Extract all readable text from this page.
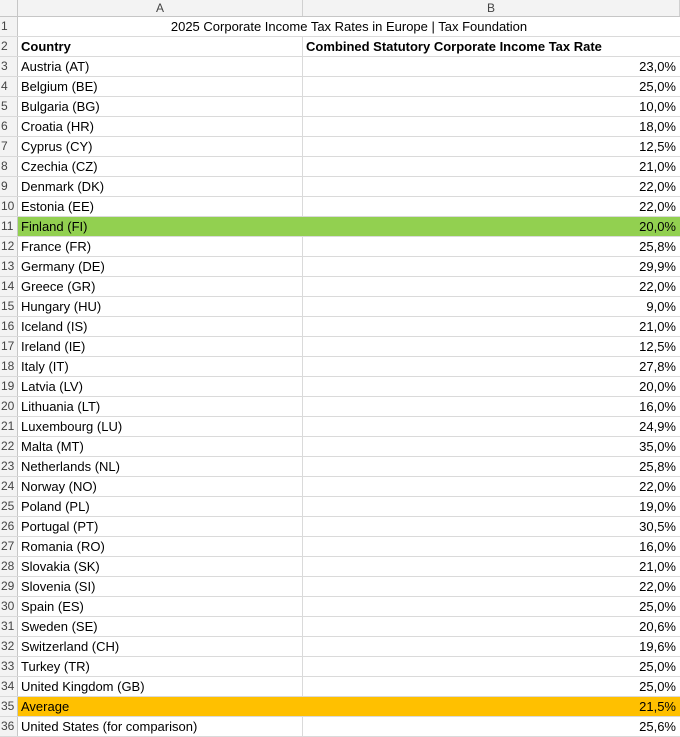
A	B
1	2025 Corporate Income Tax Rates in Europe | Tax Foundation
2	Country	Combined Statutory Corporate Income Tax Rate
3	Austria (AT)	23,0%
4	Belgium (BE)	25,0%
5	Bulgaria (BG)	10,0%
6	Croatia (HR)	18,0%
7	Cyprus (CY)	12,5%
8	Czechia (CZ)	21,0%
9	Denmark (DK)	22,0%
10 Estonia (EE)	22,0%
11 Finland (FI)	20,0%
12 France (FR)	25,8%
13 Germany (DE)	29,9%
14 Greece (GR)	22,0%
15 Hungary (HU)	9,0%
16 Iceland (IS)	21,0%
17 Ireland (IE)	12,5%
18 Italy (IT)	27,8%
19 Latvia (LV)	20,0%
20 Lithuania (LT)	16,0%
21 Luxembourg (LU)	24,9%
22 Malta (MT)	35,0%
23 Netherlands (NL)	25,8%
24 Norway (NO)	22,0%
25 Poland (PL)	19,0%
26 Portugal (PT)	30,5%
27 Romania (RO)	16,0%
28 Slovakia (SK)	21,0%
29 Slovenia (SI)	22,0%
30 Spain (ES)	25,0%
31 Sweden (SE)	20,6%
32 Switzerland (CH)	19,6%
33 Turkey (TR)	25,0%
34 United Kingdom (GB)	25,0%
35 Average	21,5%
36 United States (for comparison)	25,6%
